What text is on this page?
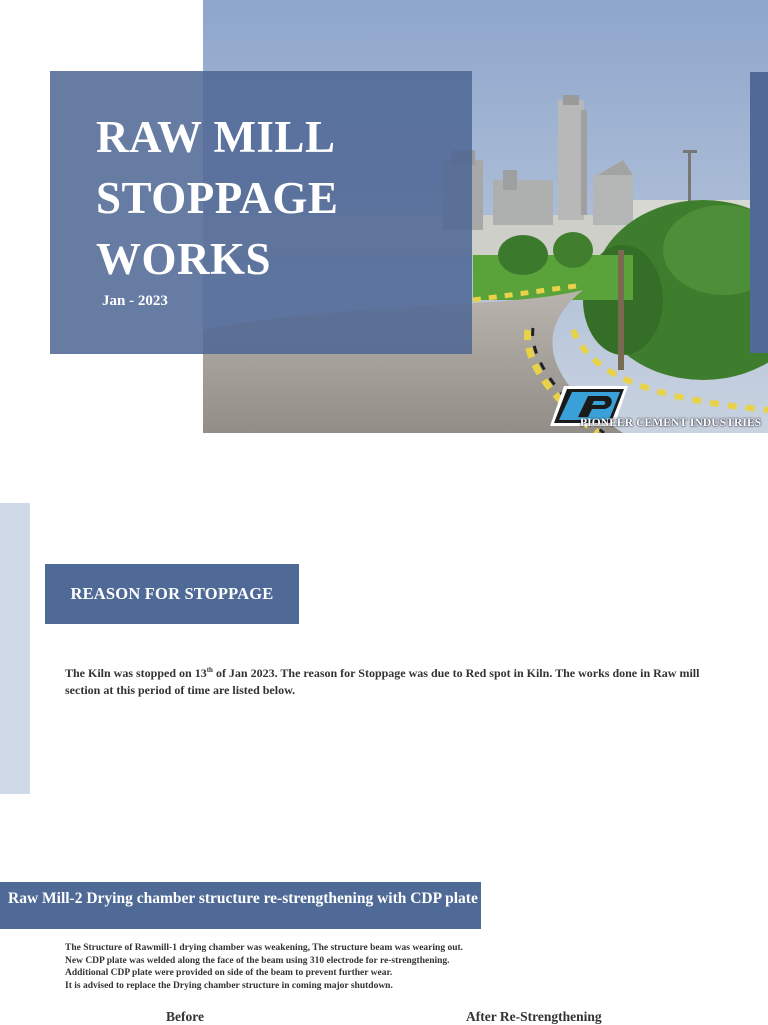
RAW MILL
STOPPAGE
WORKS
Jan - 2023
PIONEER CEMENT INDUSTRIES
REASON FOR STOPPAGE

The Kiln was stopped on 13th of Jan 2023. The reason for Stoppage was due to Red spot in Kiln. The works done in Raw mill section at this period of time are listed below.

Raw Mill-2 Drying chamber structure re-strengthening with CDP plate
The Structure of Rawmill-1 drying chamber was weakening, The structure beam was wearing out.
New CDP plate was welded along the face of the beam using 310 electrode for re-strengthening.
Additional CDP plate were provided on side of the beam to prevent further wear.
It is advised to replace the Drying chamber structure in coming major shutdown.
Before	After Re-Strengthening
